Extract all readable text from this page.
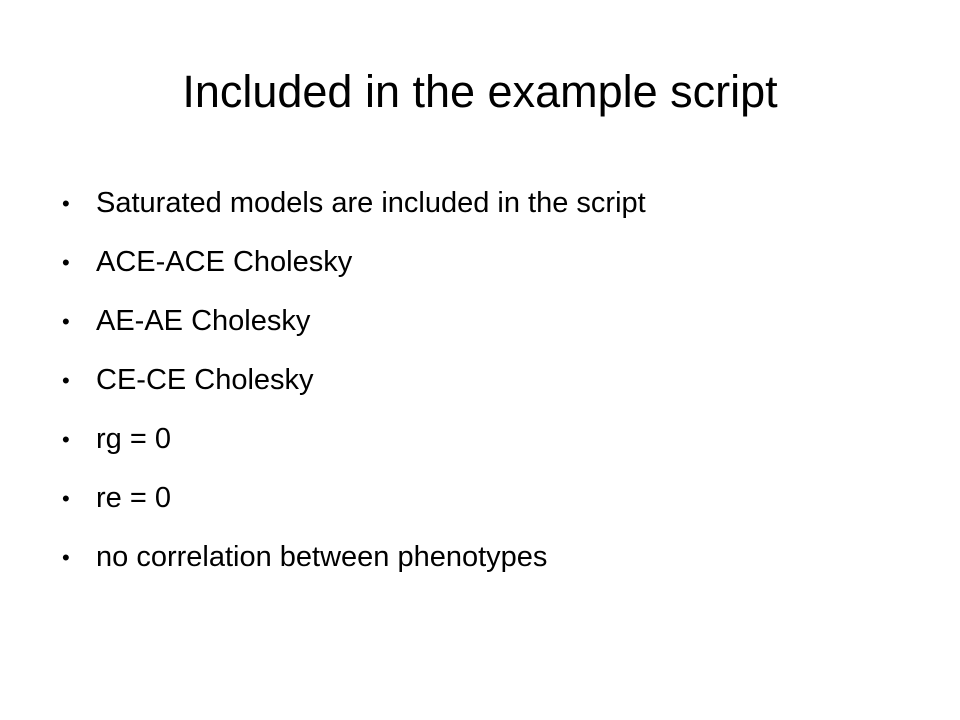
Included in the example script
• Saturated models are included in the script
• ACE-ACE Cholesky
• AE-AE Cholesky
• CE-CE Cholesky
• rg = 0
• re = 0
• no correlation between phenotypes
